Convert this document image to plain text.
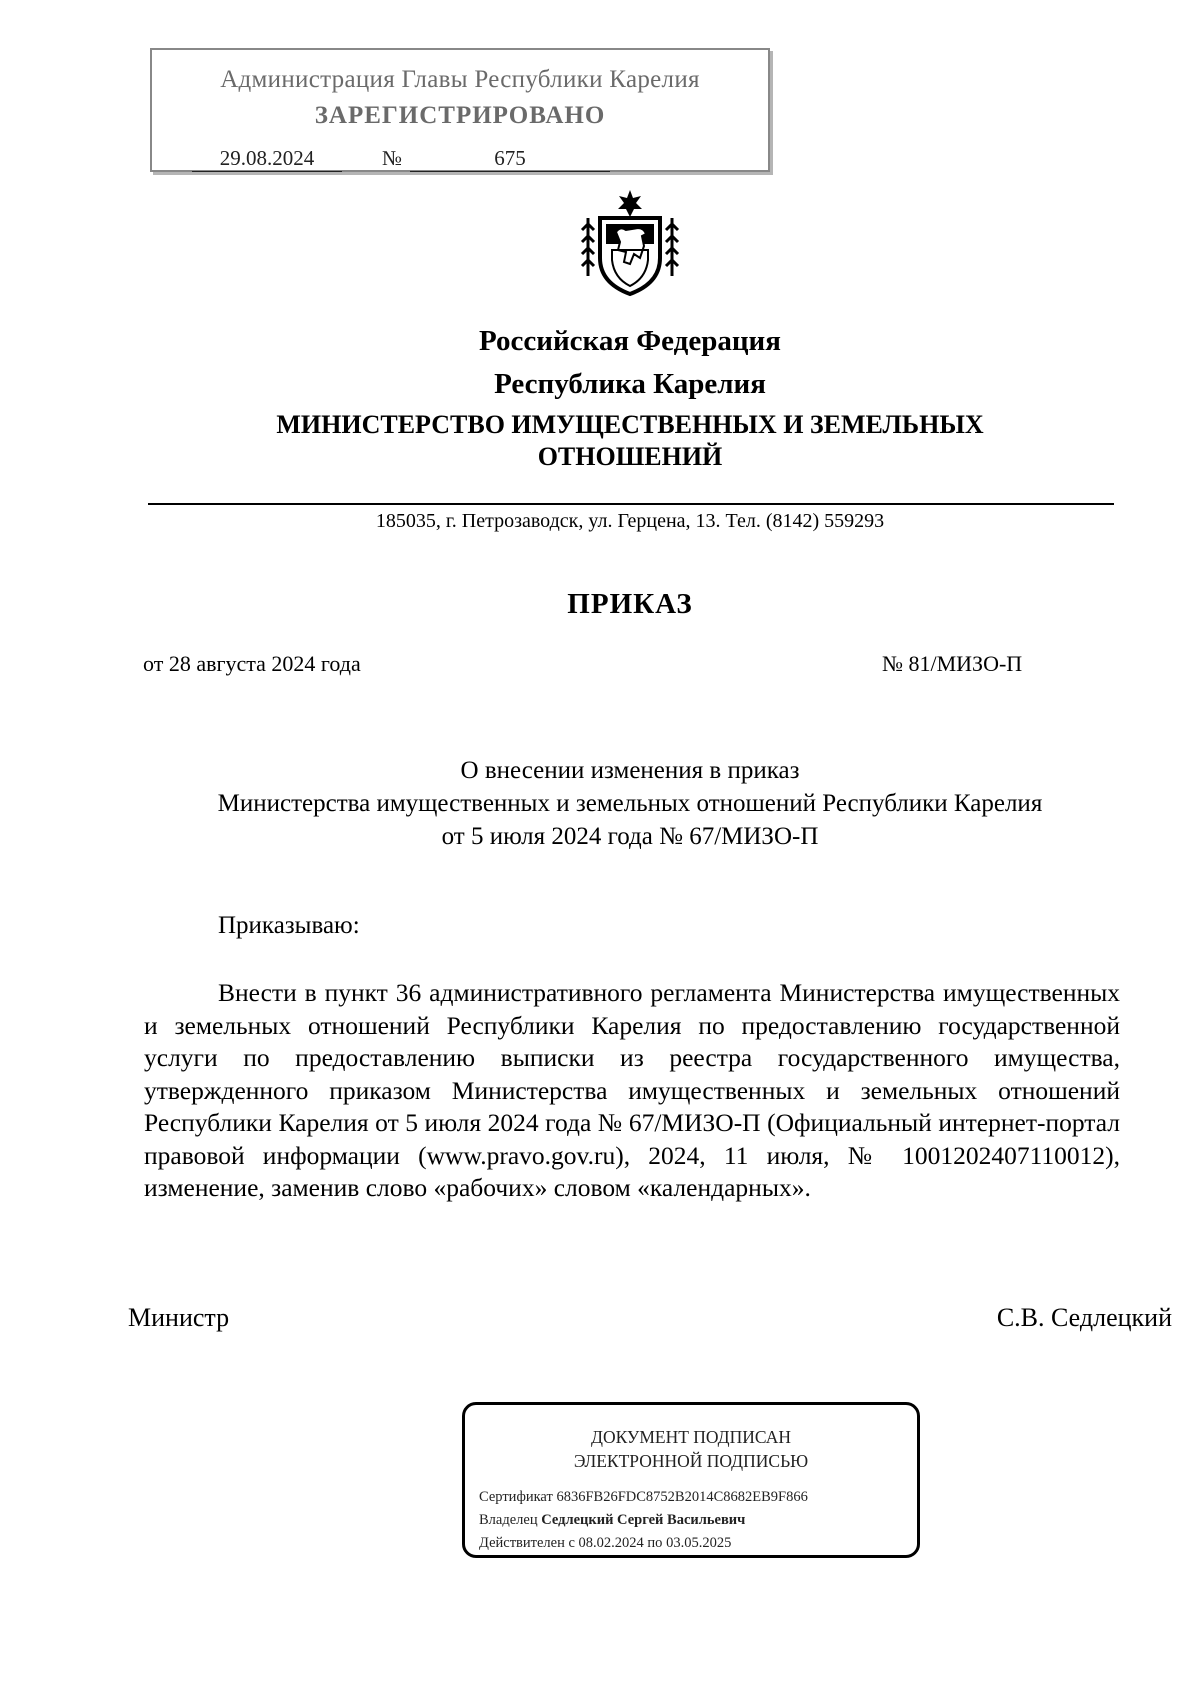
Администрация Главы Республики Карелия
ЗАРЕГИСТРИРОВАНО
29.08.2024	№	675
Российская Федерация
Республика Карелия
МИНИСТЕРСТВО ИМУЩЕСТВЕННЫХ И ЗЕМЕЛЬНЫХ
ОТНОШЕНИЙ
185035, г. Петрозаводск, ул. Герцена, 13. Тел. (8142) 559293
ПРИКАЗ
от 28 августа 2024 года	№ 81/МИЗО-П
О внесении изменения в приказ
Министерства имущественных и земельных отношений Республики Карелия
от 5 июля 2024 года № 67/МИЗО-П
Приказываю:

Внести в пункт 36 административного регламента Министерства имущественных и земельных отношений Республики Карелия по предоставлению государственной услуги по предоставлению выписки из реестра государственного имущества, утвержденного приказом Министерства имущественных и земельных отношений Республики Карелия от 5 июля 2024 года № 67/МИЗО-П (Официальный интернет-портал правовой информации (www.pravo.gov.ru), 2024, 11 июля, № 1001202407110012), изменение, заменив слово «рабочих» словом «календарных».

Министр	С.В. Седлецкий
ДОКУМЕНТ ПОДПИСАН
ЭЛЕКТРОННОЙ ПОДПИСЬЮ
Сертификат 6836FB26FDC8752B2014C8682EB9F866
Владелец Седлецкий Сергей Васильевич
Действителен с 08.02.2024 по 03.05.2025
